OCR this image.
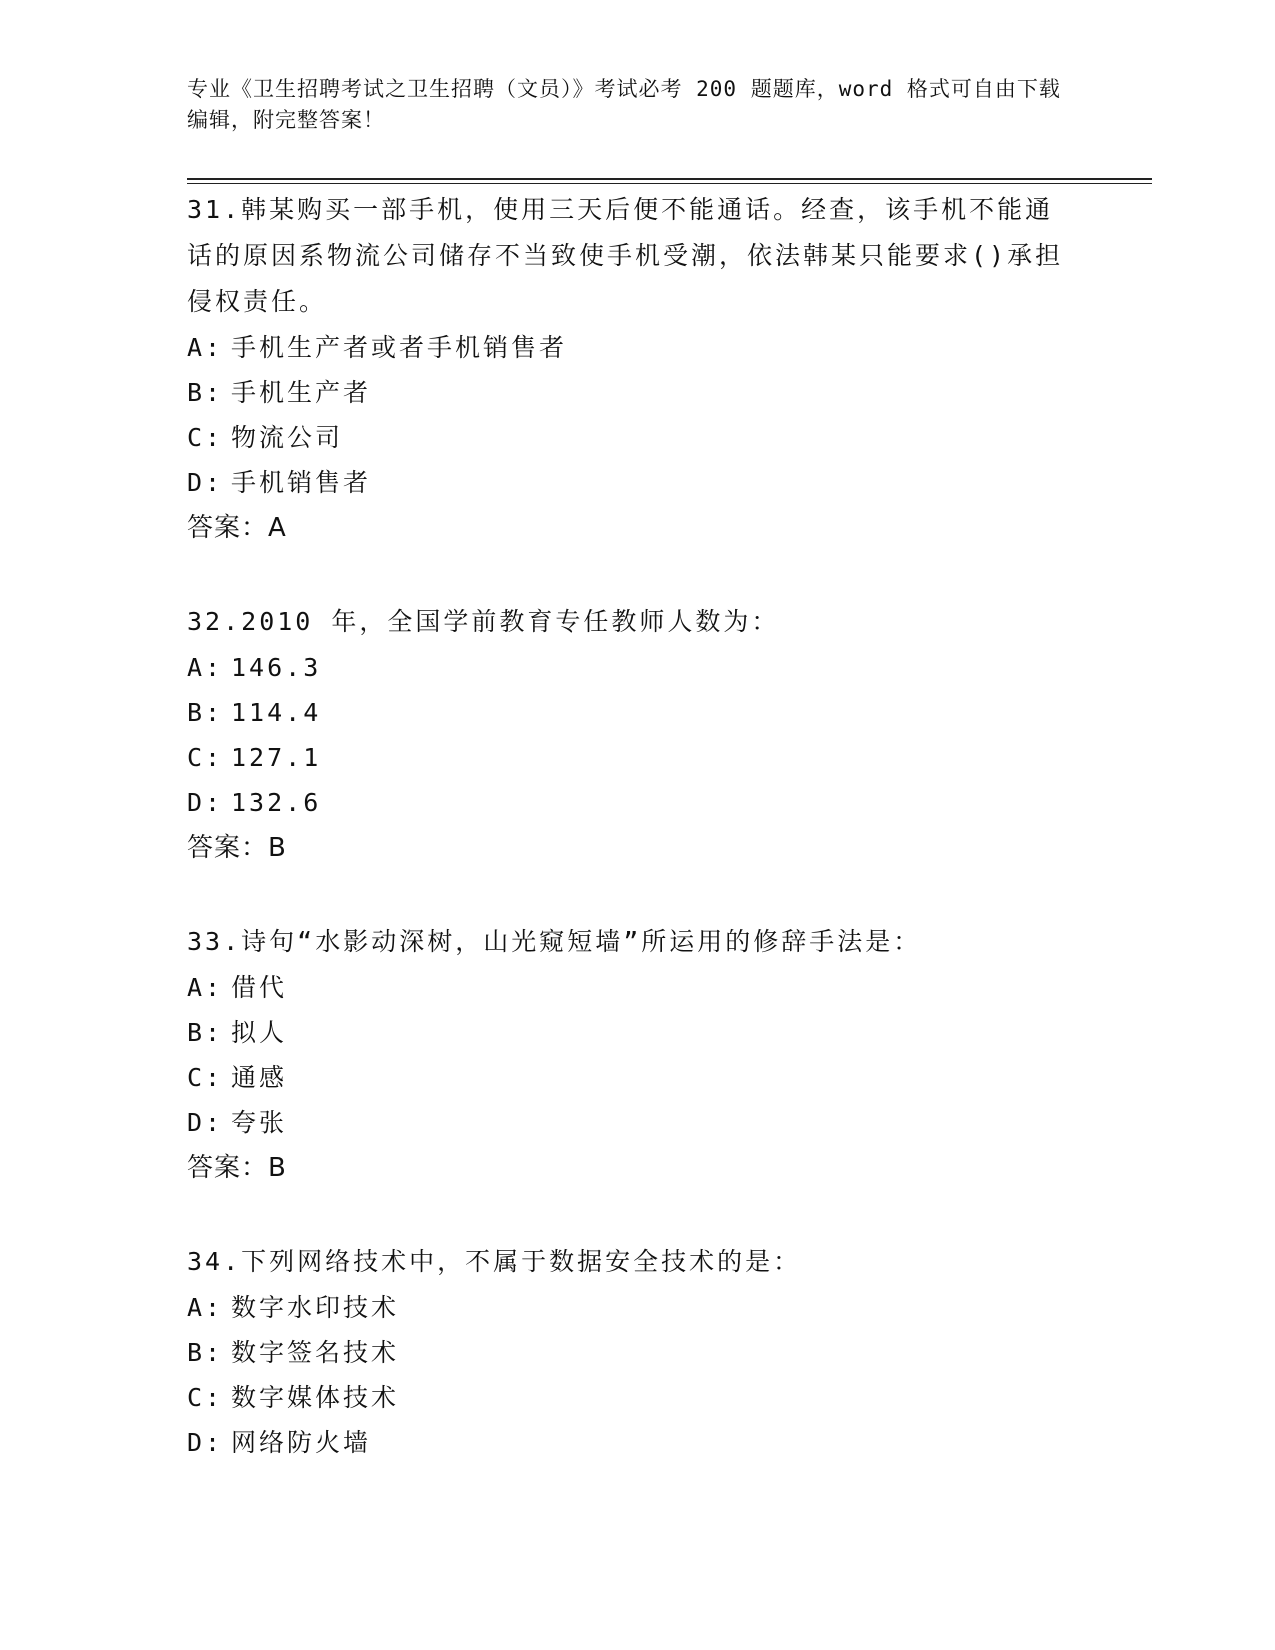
专业《卫生招聘考试之卫生招聘（文员）》考试必考 200 题题库，word 格式可自由下载编辑，附完整答案！

31.韩某购买一部手机，使用三天后便不能通话。经查，该手机不能通话的原因系物流公司储存不当致使手机受潮，依法韩某只能要求()承担侵权责任。

A: 手机生产者或者手机销售者

B: 手机生产者

C: 物流公司

D: 手机销售者

答案：A

32.2010 年，全国学前教育专任教师人数为：

A: 146.3

B: 114.4

C: 127.1

D: 132.6

答案：B

33.诗句“水影动深树，山光窥短墙”所运用的修辞手法是：

A: 借代

B: 拟人

C: 通感

D: 夸张

答案：B

34.下列网络技术中，不属于数据安全技术的是：

A: 数字水印技术

B: 数字签名技术

C: 数字媒体技术

D: 网络防火墙
